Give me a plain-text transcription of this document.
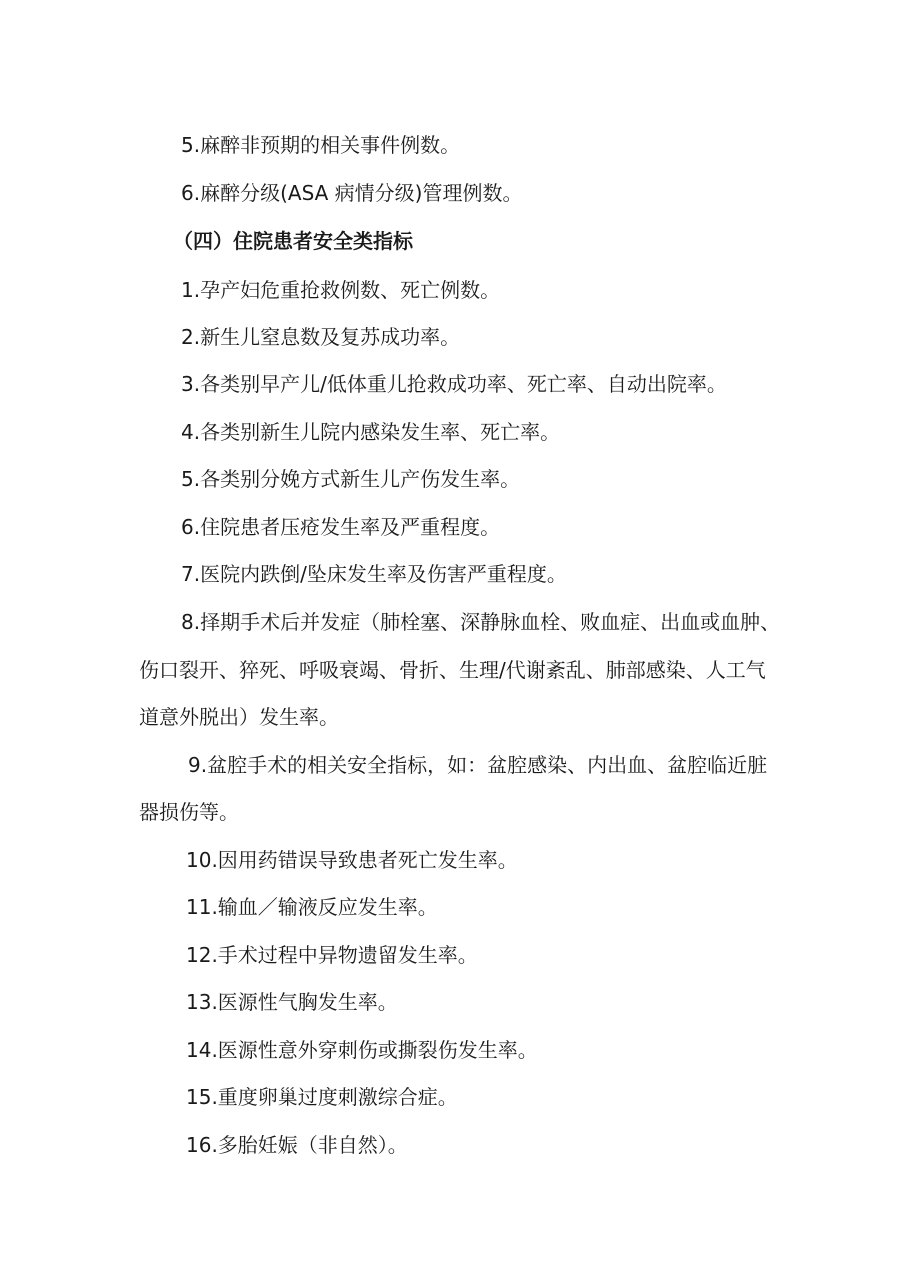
5.麻醉非预期的相关事件例数。
6.麻醉分级(ASA 病情分级)管理例数。
（四）住院患者安全类指标
1.孕产妇危重抢救例数、死亡例数。
2.新生儿窒息数及复苏成功率。
3.各类别早产儿/低体重儿抢救成功率、死亡率、自动出院率。
4.各类别新生儿院内感染发生率、死亡率。
5.各类别分娩方式新生儿产伤发生率。
6.住院患者压疮发生率及严重程度。
7.医院内跌倒/坠床发生率及伤害严重程度。
8.择期手术后并发症（肺栓塞、深静脉血栓、败血症、出血或血肿、
伤口裂开、猝死、呼吸衰竭、骨折、生理/代谢紊乱、肺部感染、人工气
道意外脱出）发生率。
9.盆腔手术的相关安全指标，如：盆腔感染、内出血、盆腔临近脏
器损伤等。
10.因用药错误导致患者死亡发生率。
11.输血／输液反应发生率。
12.手术过程中异物遗留发生率。
13.医源性气胸发生率。
14.医源性意外穿刺伤或撕裂伤发生率。
15.重度卵巢过度刺激综合症。
16.多胎妊娠（非自然）。
